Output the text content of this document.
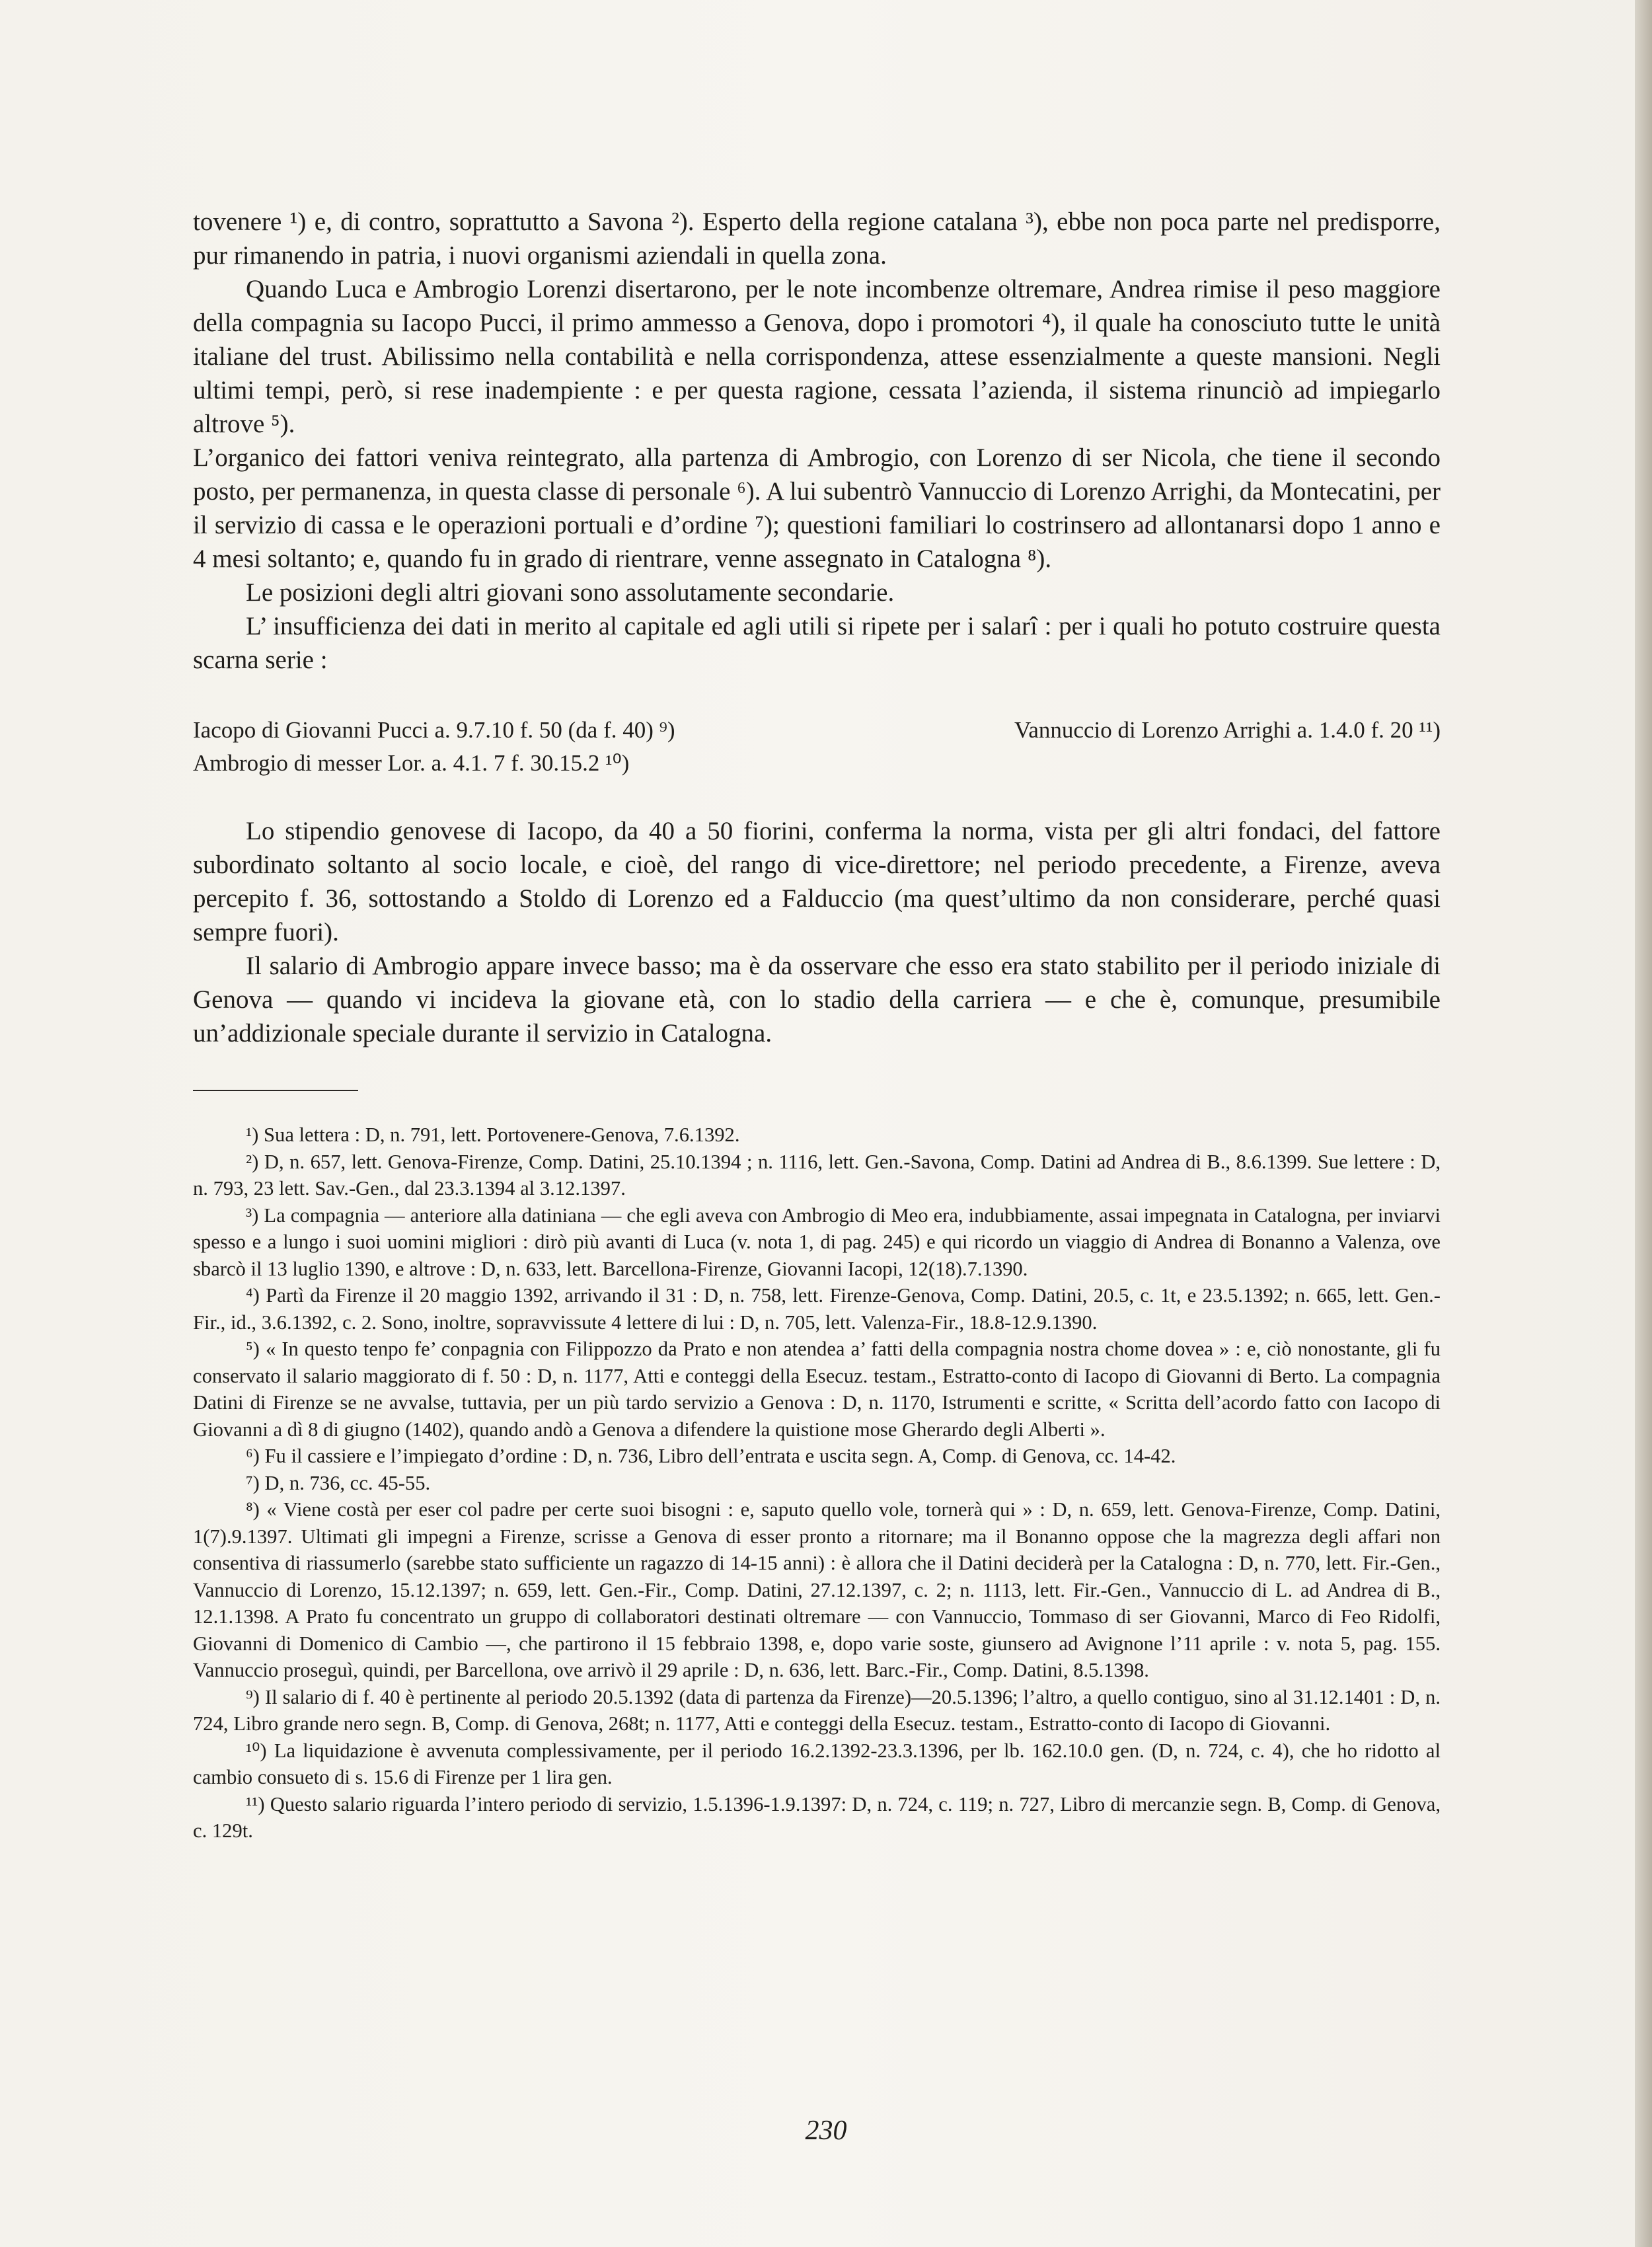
tovenere ¹) e, di contro, soprattutto a Savona ²). Esperto della regione catalana ³), ebbe non poca parte nel predisporre, pur rimanendo in patria, i nuovi organismi aziendali in quella zona.

Quando Luca e Ambrogio Lorenzi disertarono, per le note incombenze oltremare, Andrea rimise il peso maggiore della compagnia su Iacopo Pucci, il primo ammesso a Genova, dopo i promotori ⁴), il quale ha conosciuto tutte le unità italiane del trust. Abilissimo nella contabilità e nella corrispondenza, attese essenzialmente a queste mansioni. Negli ultimi tempi, però, si rese inadempiente : e per questa ragione, cessata l’azienda, il sistema rinunciò ad impiegarlo altrove ⁵).

L’organico dei fattori veniva reintegrato, alla partenza di Ambrogio, con Lorenzo di ser Nicola, che tiene il secondo posto, per permanenza, in questa classe di personale ⁶). A lui subentrò Vannuccio di Lorenzo Arrighi, da Montecatini, per il servizio di cassa e le operazioni portuali e d’ordine ⁷); questioni familiari lo costrinsero ad allontanarsi dopo 1 anno e 4 mesi soltanto; e, quando fu in grado di rientrare, venne assegnato in Catalogna ⁸).

Le posizioni degli altri giovani sono assolutamente secondarie.

L’ insufficienza dei dati in merito al capitale ed agli utili si ripete per i salarî : per i quali ho potuto costruire questa scarna serie :

Iacopo di Giovanni Pucci a. 9.7.10 f. 50 (da f. 40) ⁹)
Ambrogio di messer Lor. a. 4.1. 7 f. 30.15.2 ¹⁰)
Vannuccio di Lorenzo Arrighi a. 1.4.0 f. 20 ¹¹)

Lo stipendio genovese di Iacopo, da 40 a 50 fiorini, conferma la norma, vista per gli altri fondaci, del fattore subordinato soltanto al socio locale, e cioè, del rango di vice-direttore; nel periodo precedente, a Firenze, aveva percepito f. 36, sottostando a Stoldo di Lorenzo ed a Falduccio (ma quest’ultimo da non considerare, perché quasi sempre fuori).

Il salario di Ambrogio appare invece basso; ma è da osservare che esso era stato stabilito per il periodo iniziale di Genova — quando vi incideva la giovane età, con lo stadio della carriera — e che è, comunque, presumibile un’addizionale speciale durante il servizio in Catalogna.

¹) Sua lettera : D, n. 791, lett. Portovenere-Genova, 7.6.1392.

²) D, n. 657, lett. Genova-Firenze, Comp. Datini, 25.10.1394 ; n. 1116, lett. Gen.-Savona, Comp. Datini ad Andrea di B., 8.6.1399. Sue lettere : D, n. 793, 23 lett. Sav.-Gen., dal 23.3.1394 al 3.12.1397.

³) La compagnia — anteriore alla datiniana — che egli aveva con Ambrogio di Meo era, indubbiamente, assai impegnata in Catalogna, per inviarvi spesso e a lungo i suoi uomini migliori : dirò più avanti di Luca (v. nota 1, di pag. 245) e qui ricordo un viaggio di Andrea di Bonanno a Valenza, ove sbarcò il 13 luglio 1390, e altrove : D, n. 633, lett. Barcellona-Firenze, Giovanni Iacopi, 12(18).7.1390.

⁴) Partì da Firenze il 20 maggio 1392, arrivando il 31 : D, n. 758, lett. Firenze-Genova, Comp. Datini, 20.5, c. 1t, e 23.5.1392; n. 665, lett. Gen.-Fir., id., 3.6.1392, c. 2. Sono, inoltre, sopravvissute 4 lettere di lui : D, n. 705, lett. Valenza-Fir., 18.8-12.9.1390.

⁵) « In questo tenpo fe’ conpagnia con Filippozzo da Prato e non atendea a’ fatti della compagnia nostra chome dovea » : e, ciò nonostante, gli fu conservato il salario maggiorato di f. 50 : D, n. 1177, Atti e conteggi della Esecuz. testam., Estratto-conto di Iacopo di Giovanni di Berto. La compagnia Datini di Firenze se ne avvalse, tuttavia, per un più tardo servizio a Genova : D, n. 1170, Istrumenti e scritte, « Scritta dell’acordo fatto con Iacopo di Giovanni a dì 8 di giugno (1402), quando andò a Genova a difendere la quistione mose Gherardo degli Alberti ».

⁶) Fu il cassiere e l’impiegato d’ordine : D, n. 736, Libro dell’entrata e uscita segn. A, Comp. di Genova, cc. 14-42.

⁷) D, n. 736, cc. 45-55.

⁸) « Viene costà per eser col padre per certe suoi bisogni : e, saputo quello vole, tornerà qui » : D, n. 659, lett. Genova-Firenze, Comp. Datini, 1(7).9.1397. Ultimati gli impegni a Firenze, scrisse a Genova di esser pronto a ritornare; ma il Bonanno oppose che la magrezza degli affari non consentiva di riassumerlo (sarebbe stato sufficiente un ragazzo di 14-15 anni) : è allora che il Datini deciderà per la Catalogna : D, n. 770, lett. Fir.-Gen., Vannuccio di Lorenzo, 15.12.1397; n. 659, lett. Gen.-Fir., Comp. Datini, 27.12.1397, c. 2; n. 1113, lett. Fir.-Gen., Vannuccio di L. ad Andrea di B., 12.1.1398. A Prato fu concentrato un gruppo di collaboratori destinati oltremare — con Vannuccio, Tommaso di ser Giovanni, Marco di Feo Ridolfi, Giovanni di Domenico di Cambio —, che partirono il 15 febbraio 1398, e, dopo varie soste, giunsero ad Avignone l’11 aprile : v. nota 5, pag. 155. Vannuccio proseguì, quindi, per Barcellona, ove arrivò il 29 aprile : D, n. 636, lett. Barc.-Fir., Comp. Datini, 8.5.1398.

⁹) Il salario di f. 40 è pertinente al periodo 20.5.1392 (data di partenza da Firenze)—20.5.1396; l’altro, a quello contiguo, sino al 31.12.1401 : D, n. 724, Libro grande nero segn. B, Comp. di Genova, 268t; n. 1177, Atti e conteggi della Esecuz. testam., Estratto-conto di Iacopo di Giovanni.

¹⁰) La liquidazione è avvenuta complessivamente, per il periodo 16.2.1392-23.3.1396, per lb. 162.10.0 gen. (D, n. 724, c. 4), che ho ridotto al cambio consueto di s. 15.6 di Firenze per 1 lira gen.

¹¹) Questo salario riguarda l’intero periodo di servizio, 1.5.1396-1.9.1397: D, n. 724, c. 119; n. 727, Libro di mercanzie segn. B, Comp. di Genova, c. 129t.

230
